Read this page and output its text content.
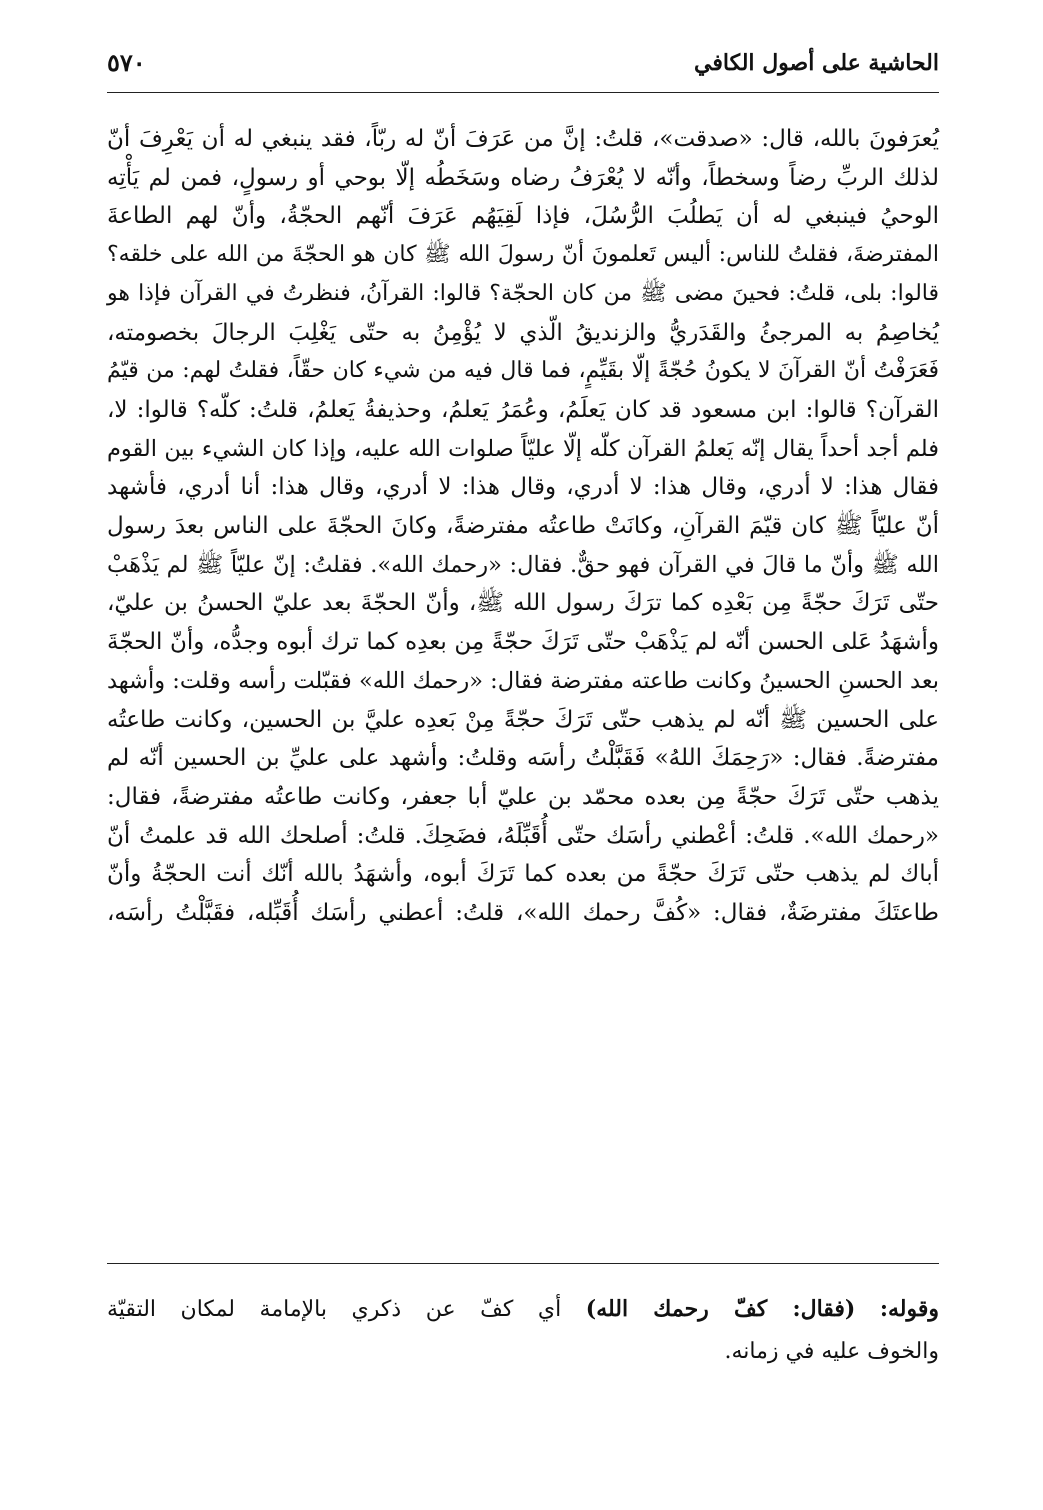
الحاشية على أصول الكافي
٥٧٠
يُعرَفونَ بالله، قال: «صدقت»، قلتُ: إنَّ من عَرَفَ أنّ له ربّاً، فقد ينبغي له أن يَعْرِفَ أنّ
لذلك الربِّ رضاً وسخطاً، وأنّه لا يُعْرَفُ رضاه وسَخَطُه إلّا بوحي أو رسولٍ، فمن لم يَأْتِه
الوحيُ فينبغي له أن يَطلُبَ الرُّسُلَ، فإذا لَقِيَهُم عَرَفَ أنّهم الحجّةُ، وأنّ لهم الطاعةَ
المفترضةَ، فقلتُ للناس: أليس تَعلمونَ أنّ رسولَ الله ﷺ كان هو الحجّةَ من الله على خلقه؟
قالوا: بلى، قلتُ: فحينَ مضى ﷺ من كان الحجّة؟ قالوا: القرآنُ، فنظرتُ في القرآن فإذا هو
يُخاصِمُ به المرجئُ والقَدَريُّ والزنديقُ الّذي لا يُؤْمِنُ به حتّى يَغْلِبَ الرجالَ بخصومته،
فَعَرَفْتُ أنّ القرآنَ لا يكونُ حُجّةً إلّا بقَيِّمٍ، فما قال فيه من شيء كان حقّاً، فقلتُ لهم: من قيّمُ
القرآن؟ قالوا: ابن مسعود قد كان يَعلَمُ، وعُمَرُ يَعلمُ، وحذيفةُ يَعلمُ، قلتُ: كلّه؟ قالوا: لا،
فلم أجد أحداً يقال إنّه يَعلمُ القرآن كلّه إلّا عليّاً صلوات الله عليه، وإذا كان الشيء بين القوم
فقال هذا: لا أدري، وقال هذا: لا أدري، وقال هذا: لا أدري، وقال هذا: أنا أدري، فأشهد
أنّ عليّاً ﷺ كان قيّمَ القرآنِ، وكانَتْ طاعتُه مفترضةً، وكانَ الحجّةَ على الناس بعدَ رسول
الله ﷺ وأنّ ما قالَ في القرآن فهو حقٌّ. فقال: «رحمك الله». فقلتُ: إنّ عليّاً ﷺ لم يَذْهَبْ
حتّى تَرَكَ حجّةً مِن بَعْدِه كما ترَكَ رسول الله ﷺ، وأنّ الحجّةَ بعد عليّ الحسنُ بن عليّ،
وأشهَدُ عَلى الحسن أنّه لم يَذْهَبْ حتّى تَرَكَ حجّةً مِن بعدِه كما ترك أبوه وجدُّه، وأنّ الحجّةَ
بعد الحسنِ الحسينُ وكانت طاعته مفترضة فقال: «رحمك الله» فقبّلت رأسه وقلت: وأشهد
على الحسين ﷺ أنّه لم يذهب حتّى تَرَكَ حجّةً مِنْ بَعدِه عليَّ بن الحسين، وكانت طاعتُه
مفترضةً. فقال: «رَحِمَكَ اللهُ» فَقَبَّلْتُ رأسَه وقلتُ: وأشهد على عليِّ بن الحسين أنّه لم
يذهب حتّى تَرَكَ حجّةً مِن بعده محمّد بن عليّ أبا جعفر، وكانت طاعتُه مفترضةً، فقال:
«رحمك الله». قلتُ: أعْطني رأسَك حتّى أُقَبِّلَهُ، فضَحِكَ. قلتُ: أصلحك الله قد علمتُ أنّ
أباك لم يذهب حتّى تَرَكَ حجّةً من بعده كما تَرَكَ أبوه، وأشهَدُ بالله أنّك أنت الحجّةُ وأنّ
طاعتَكَ مفترضَةٌ، فقال: «كُفَّ رحمك الله»، قلتُ: أعطني رأسَك أُقَبِّله، فقَبَّلْتُ رأسَه،
وقوله: (فقال: كفّ رحمك الله) أي كفّ عن ذكري بالإمامة لمكان التقيّة
والخوف عليه في زمانه.
